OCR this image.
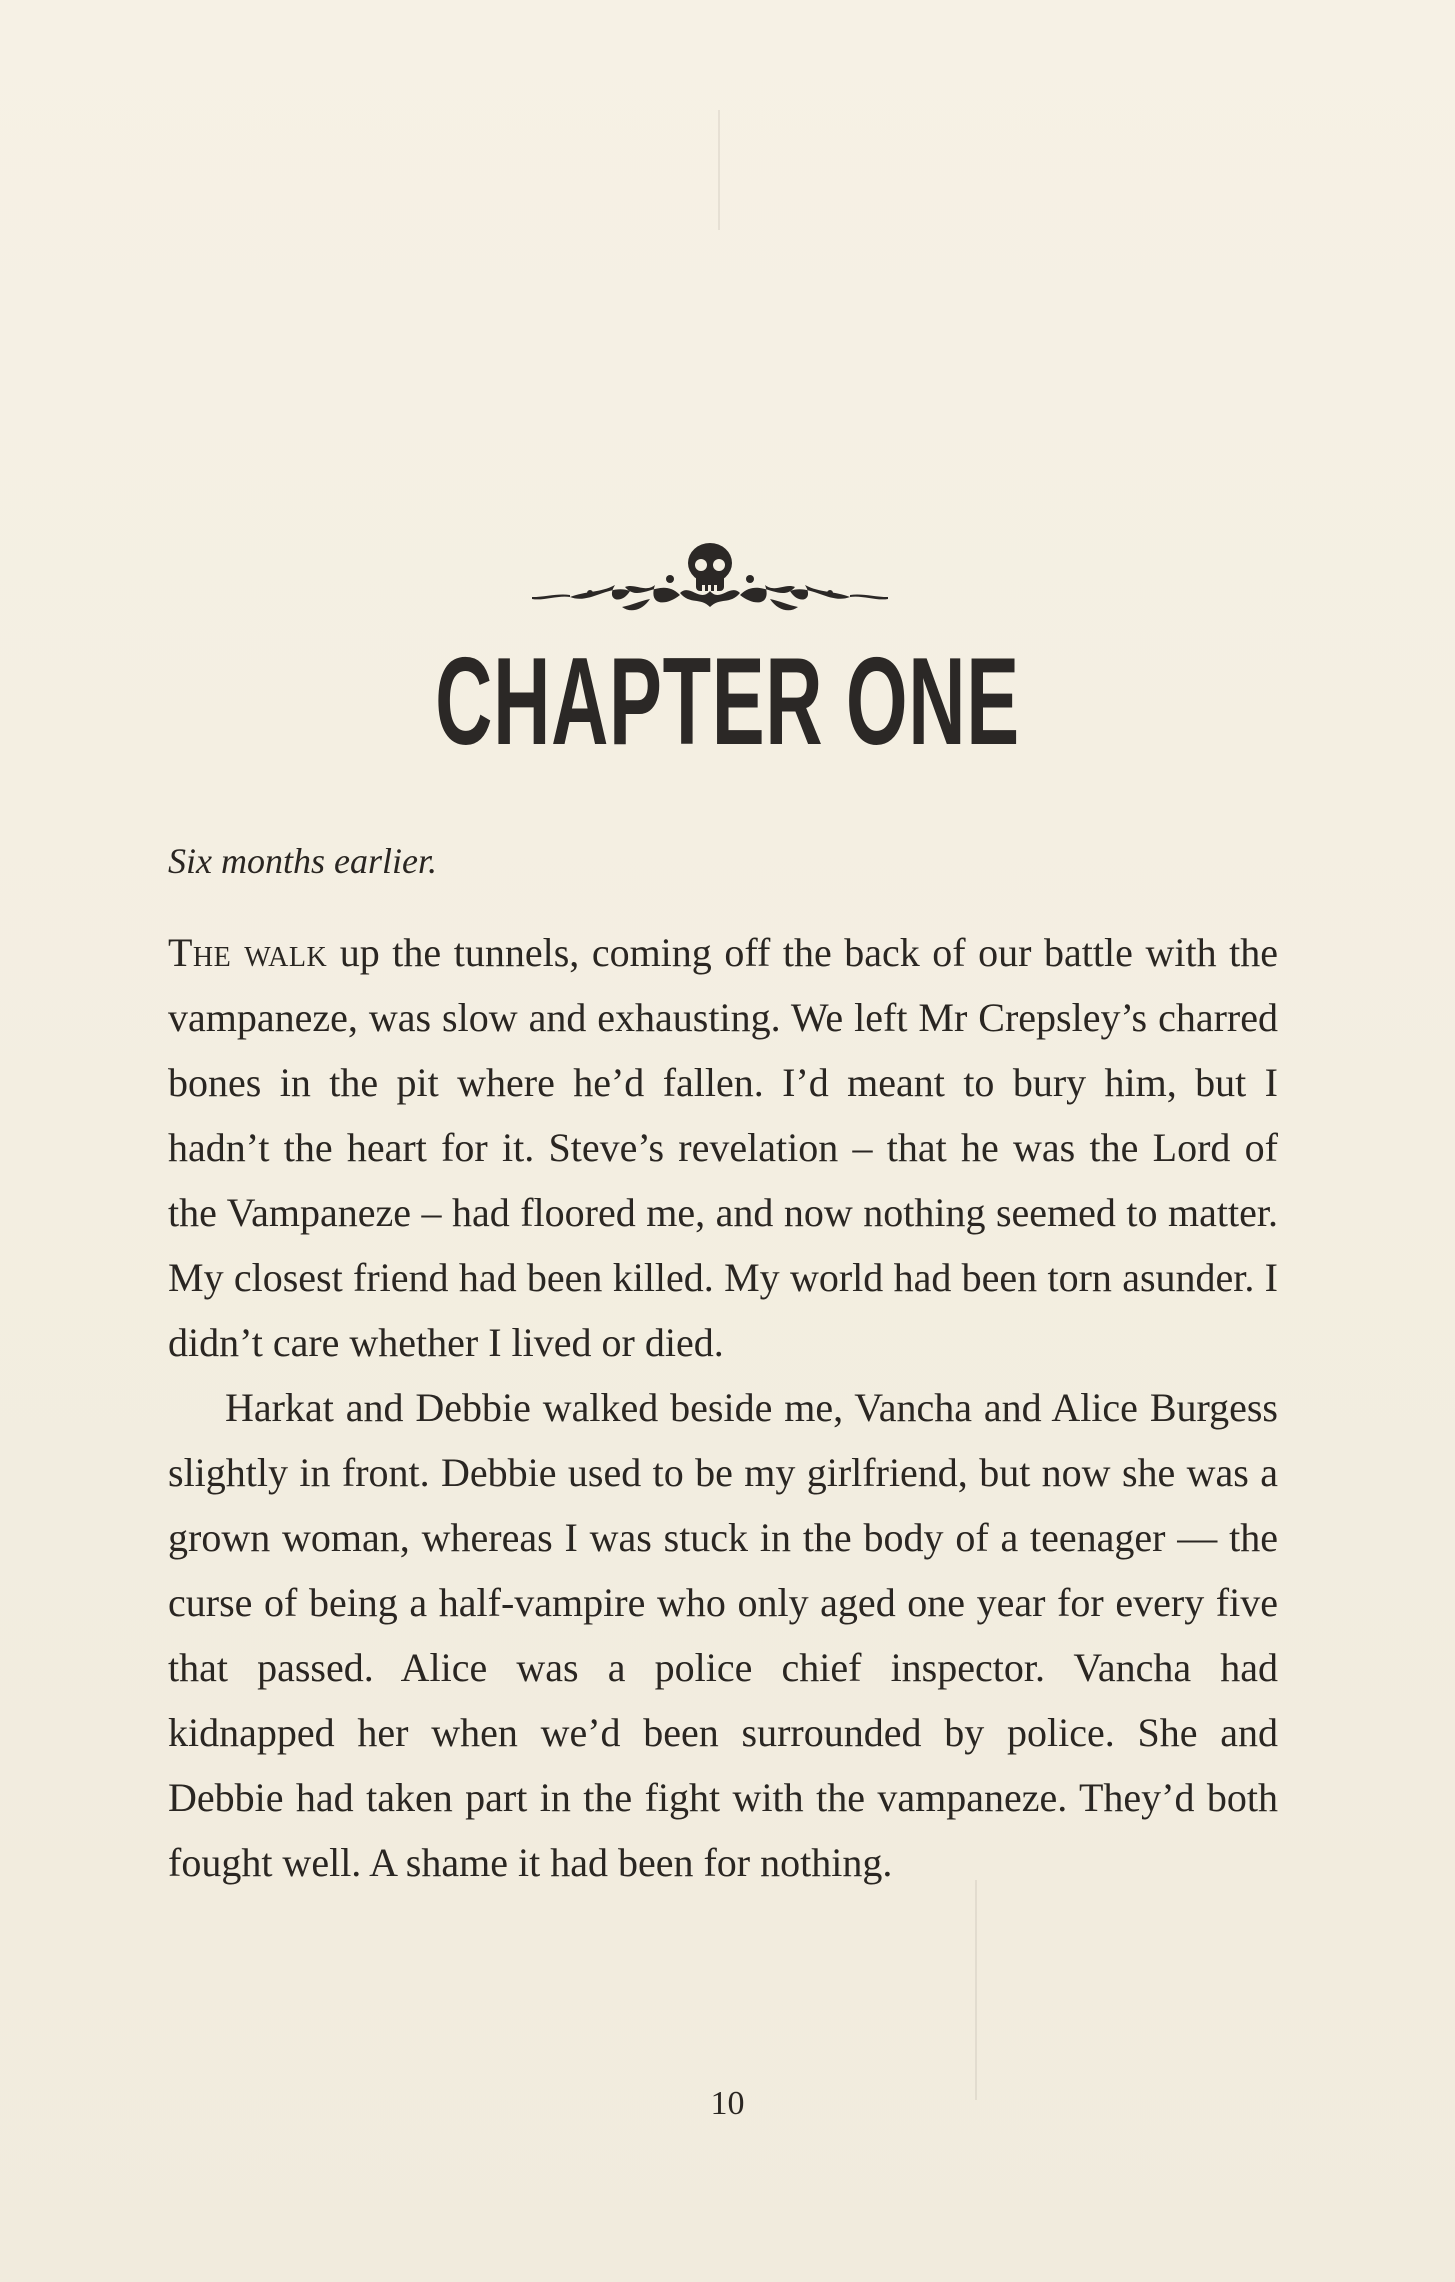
CHAPTER ONE
Six months earlier.

The walk up the tunnels, coming off the back of our battle with the vampaneze, was slow and exhausting. We left Mr Crepsley’s charred bones in the pit where he’d fallen. I’d meant to bury him, but I hadn’t the heart for it. Steve’s revelation – that he was the Lord of the Vampaneze – had floored me, and now nothing seemed to matter. My closest friend had been killed. My world had been torn asunder. I didn’t care whether I lived or died.

Harkat and Debbie walked beside me, Vancha and Alice Burgess slightly in front. Debbie used to be my girlfriend, but now she was a grown woman, whereas I was stuck in the body of a teenager — the curse of being a half-vampire who only aged one year for every five that passed. Alice was a police chief inspector. Vancha had kidnapped her when we’d been surrounded by police. She and Debbie had taken part in the fight with the vampaneze. They’d both fought well. A shame it had been for nothing.

10
